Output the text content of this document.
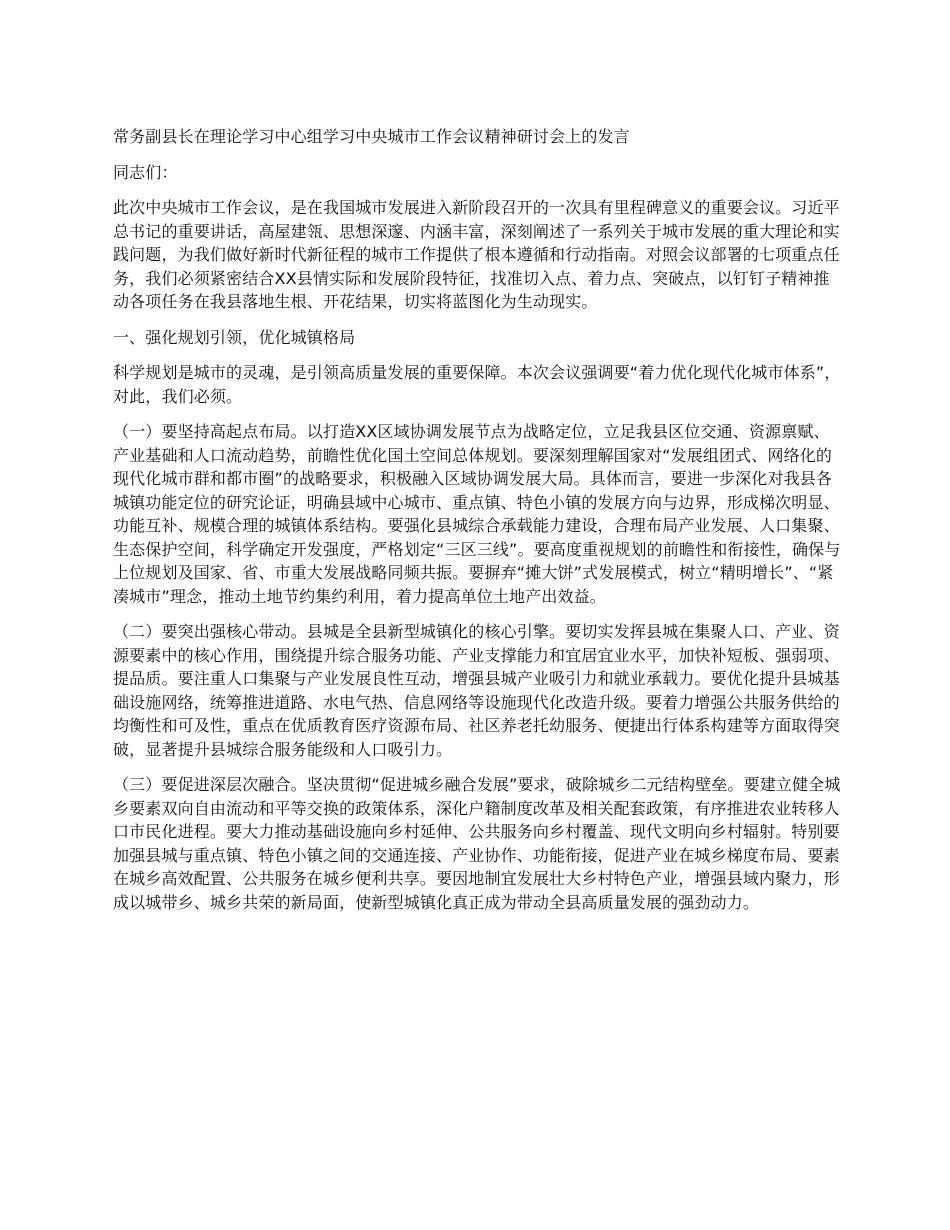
常务副县长在理论学习中心组学习中央城市工作会议精神研讨会上的发言

同志们：

此次中央城市工作会议，是在我国城市发展进入新阶段召开的一次具有里程碑意义的重要会议。习近平总书记的重要讲话，高屋建瓴、思想深邃、内涵丰富，深刻阐述了一系列关于城市发展的重大理论和实践问题，为我们做好新时代新征程的城市工作提供了根本遵循和行动指南。对照会议部署的七项重点任务，我们必须紧密结合XX县情实际和发展阶段特征，找准切入点、着力点、突破点，以钉钉子精神推动各项任务在我县落地生根、开花结果，切实将蓝图化为生动现实。

一、强化规划引领，优化城镇格局

科学规划是城市的灵魂，是引领高质量发展的重要保障。本次会议强调要“着力优化现代化城市体系”，对此，我们必须。

（一）要坚持高起点布局。以打造XX区域协调发展节点为战略定位，立足我县区位交通、资源禀赋、产业基础和人口流动趋势，前瞻性优化国土空间总体规划。要深刻理解国家对“发展组团式、网络化的现代化城市群和都市圈”的战略要求，积极融入区域协调发展大局。具体而言，要进一步深化对我县各城镇功能定位的研究论证，明确县域中心城市、重点镇、特色小镇的发展方向与边界，形成梯次明显、功能互补、规模合理的城镇体系结构。要强化县城综合承载能力建设，合理布局产业发展、人口集聚、生态保护空间，科学确定开发强度，严格划定“三区三线”。要高度重视规划的前瞻性和衔接性，确保与上位规划及国家、省、市重大发展战略同频共振。要摒弃“摊大饼”式发展模式，树立“精明增长”、“紧凑城市”理念，推动土地节约集约利用，着力提高单位土地产出效益。

（二）要突出强核心带动。县城是全县新型城镇化的核心引擎。要切实发挥县城在集聚人口、产业、资源要素中的核心作用，围绕提升综合服务功能、产业支撑能力和宜居宜业水平，加快补短板、强弱项、提品质。要注重人口集聚与产业发展良性互动，增强县城产业吸引力和就业承载力。要优化提升县城基础设施网络，统筹推进道路、水电气热、信息网络等设施现代化改造升级。要着力增强公共服务供给的均衡性和可及性，重点在优质教育医疗资源布局、社区养老托幼服务、便捷出行体系构建等方面取得突破，显著提升县城综合服务能级和人口吸引力。

（三）要促进深层次融合。坚决贯彻“促进城乡融合发展”要求，破除城乡二元结构壁垒。要建立健全城乡要素双向自由流动和平等交换的政策体系，深化户籍制度改革及相关配套政策，有序推进农业转移人口市民化进程。要大力推动基础设施向乡村延伸、公共服务向乡村覆盖、现代文明向乡村辐射。特别要加强县城与重点镇、特色小镇之间的交通连接、产业协作、功能衔接，促进产业在城乡梯度布局、要素在城乡高效配置、公共服务在城乡便利共享。要因地制宜发展壮大乡村特色产业，增强县域内聚力，形成以城带乡、城乡共荣的新局面，使新型城镇化真正成为带动全县高质量发展的强劲动力。
